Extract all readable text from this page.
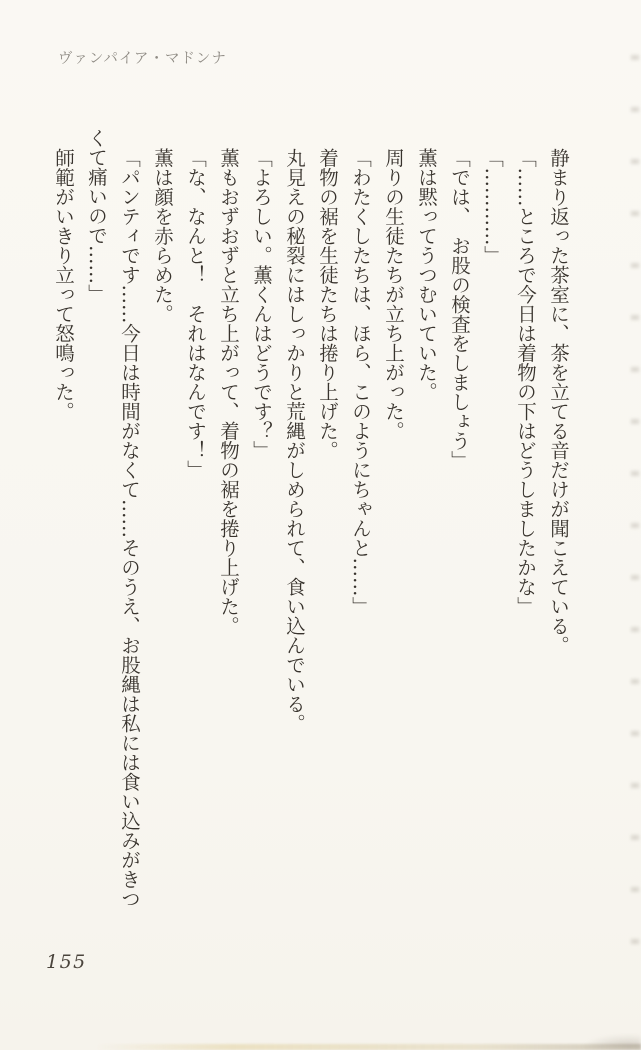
ヴァンパイア・マドンナ

静まり返った茶室に、茶を立てる音だけが聞こえている。

「……ところで今日は着物の下はどうしましたかな」

「…………」

「では、　お股の検査をしましょう」

薫は黙ってうつむいていた。

周りの生徒たちが立ち上がった。

「わたくしたちは、ほら、このようにちゃんと……」

着物の裾を生徒たちは捲り上げた。

丸見えの秘裂にはしっかりと荒縄がしめられて、食い込んでいる。

「よろしい。薫くんはどうです？」

薫もおずおずと立ち上がって、着物の裾を捲り上げた。

「な、なんと！　それはなんです！」

薫は顔を赤らめた。

「パンティです……今日は時間がなくて……そのうえ、お股縄は私には食い込みがきつくて痛いので……」

師範がいきり立って怒鳴った。

155
